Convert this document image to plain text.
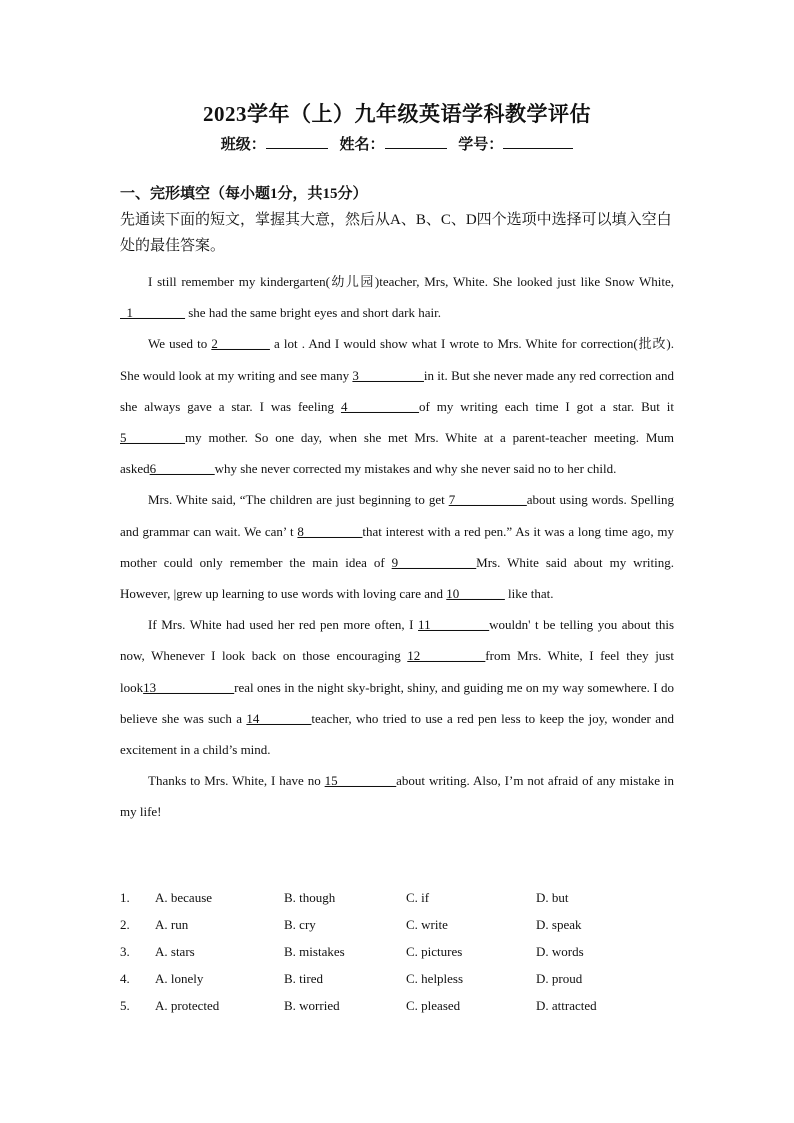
2023学年（上）九年级英语学科教学评估
班级：	姓名：	学号：
一、完形填空（每小题1分，共15分）
先通读下面的短文，掌握其大意，然后从A、B、C、D四个选项中选择可以填入空白处的最佳答案。

I still remember my kindergarten(幼儿园)teacher, Mrs, White. She looked just like Snow White,   1________ she had the same bright eyes and short dark hair.

We used to 2________ a lot . And I would show what I wrote to Mrs. White for correction(批改). She would look at my writing and see many 3__________in it. But she never made any red correction and she always gave a star. I was feeling 4___________of my writing each time I got a star. But it 5_________my mother. So one day, when she met Mrs. White at a parent-teacher meeting. Mum asked6_________why she never corrected my mistakes and why she never said no to her child.

Mrs. White said, “The children are just beginning to get 7___________about using words. Spelling and grammar can wait. We can’ t 8_________that interest with a red pen.” As it was a long time ago, my mother could only remember the main idea of 9____________Mrs. White said about my writing. However, |grew up learning to use words with loving care and 10_______ like that.

If Mrs. White had used her red pen more often, I 11_________wouldn' t be telling you about this now, Whenever I look back on those encouraging 12__________from Mrs. White, I feel they just look13____________real ones in the night sky-bright, shiny, and guiding me on my way somewhere. I do believe she was such a 14________teacher, who tried to use a red pen less to keep the joy, wonder and excitement in a child’s mind.

Thanks to Mrs. White, I have no 15_________about writing. Also, I’m not afraid of any mistake in my life!

1. A. because	B. though	C. if	D. but
2. A. run	B. cry	C. write	D. speak
3. A. stars	B. mistakes	C. pictures	D. words
4. A. lonely	B. tired	C. helpless	D. proud
5. A. protected	B. worried	C. pleased	D. attracted
